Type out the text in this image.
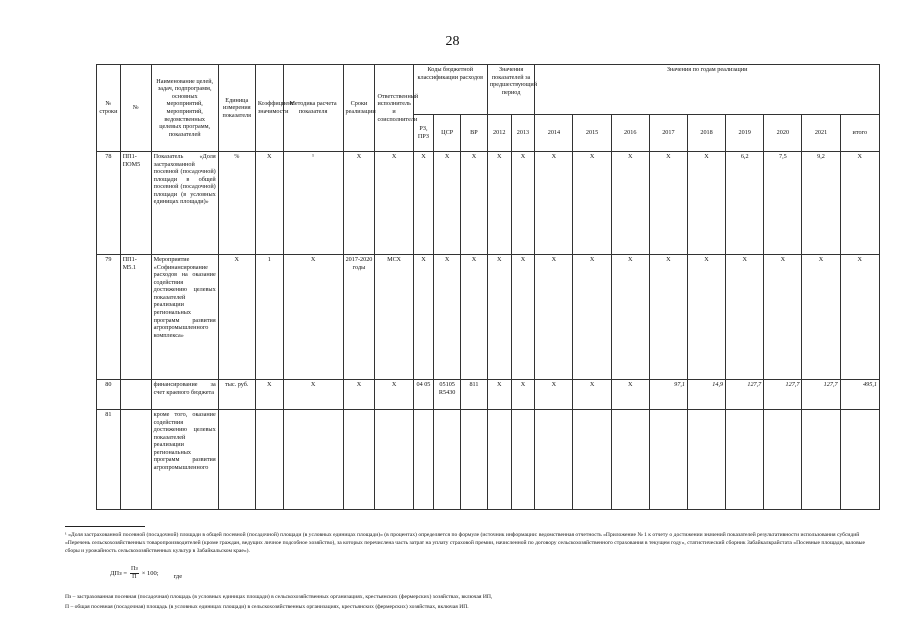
28
№ строки	№	Наименование целей, задач, подпрограмм, основных мероприятий, мероприятий, ведомственных целевых программ, показателей	Единица измерения показателя	Коэффициент значимости	Методика расчета показателя	Сроки реализации	Ответственный исполнитель и соисполнители	Коды бюджетной классификации расходов			Значения показателей за предшествующий период		Значения по годам реализации								
								РЗ, ПРЗ	ЦСР	ВР	2012	2013	2014	2015	2016	2017	2018	2019	2020	2021	итого
78	ПП1-ПОМ5	Показатель «Доля застрахованной посевной (посадочной) площади в общей посевной (посадочной) площади (в условных единицах площади)»	%	X	¹	X	X	X	X	X	X	X	X	X	X	X	X	6,2	7,5	9,2	X
79	ПП1-М5.1	Мероприятие «Софинансирование расходов на оказание содействия достижению целевых показателей реализации региональных программ развития агропромышленного комплекса»	X	1	X	2017-2020 годы	МСХ	X	X	X	X	X	X	X	X	X	X	X	X	X	X
80		финансирование за счет краевого бюджета	тыс. руб.	X	X	X	X	04 05	05105 R5430	811	X	X	X	X	X	97,1	14,9	127,7	127,7	127,7	495,1
81		кроме того, оказание содействия достижению целевых показателей реализации региональных программ развития агропромышленного																			
¹ «Доля застрахованной посевной (посадочной) площади в общей посевной (посадочной) площади (в условных единицах площади)» (в процентах) определяется по формуле (источник информации: ведомственная отчетность «Приложение № 1 к отчету о достижении значений показателей результативности использования субсидий «Перечень сельскохозяйственных товаропроизводителей (кроме граждан, ведущих личное подсобное хозяйство), за которых перечислена часть затрат на уплату страховой премии, начисленной по договору сельскохозяйственного страхования в текущем году», статистический сборник Забайкалкрайстата «Посевные площади, валовые сборы и урожайность сельскохозяйственных культур в Забайкальском крае»).
ДПз = $\frac{Пз}{П} \times 100$; где
Пз – застрахованная посевная (посадочная) площадь (в условных единицах площади) в сельскохозяйственных организациях, крестьянских (фермерских) хозяйствах, включая ИП,
П – общая посевная (посадочная) площадь (в условных единицах площади) в сельскохозяйственных организациях, крестьянских (фермерских) хозяйствах, включая ИП.
